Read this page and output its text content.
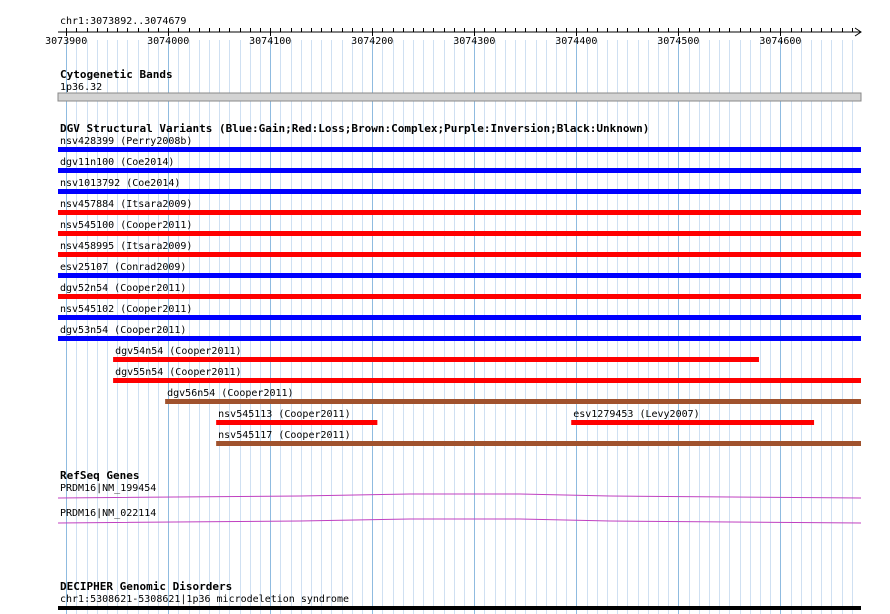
chr1:3073892..3074679
3073900	3074000	3074100	3074200	3074300	3074400	3074500	3074600
Cytogenetic Bands
1p36.32
DGV Structural Variants (Blue:Gain;Red:Loss;Brown:Complex;Purple:Inversion;Black:Unknown)
nsv428399 (Perry2008b)
dgv11n100 (Coe2014)
nsv1013792 (Coe2014)
nsv457884 (Itsara2009)
nsv545100 (Cooper2011)
nsv458995 (Itsara2009)
esv25107 (Conrad2009)
dgv52n54 (Cooper2011)
nsv545102 (Cooper2011)
dgv53n54 (Cooper2011)
dgv54n54 (Cooper2011)
dgv55n54 (Cooper2011)
dgv56n54 (Cooper2011)
nsv545113 (Cooper2011)	esv1279453 (Levy2007)
nsv545117 (Cooper2011)
RefSeq Genes
PRDM16|NM_199454
PRDM16|NM_022114
DECIPHER Genomic Disorders
chr1:5308621-5308621|1p36 microdeletion syndrome
